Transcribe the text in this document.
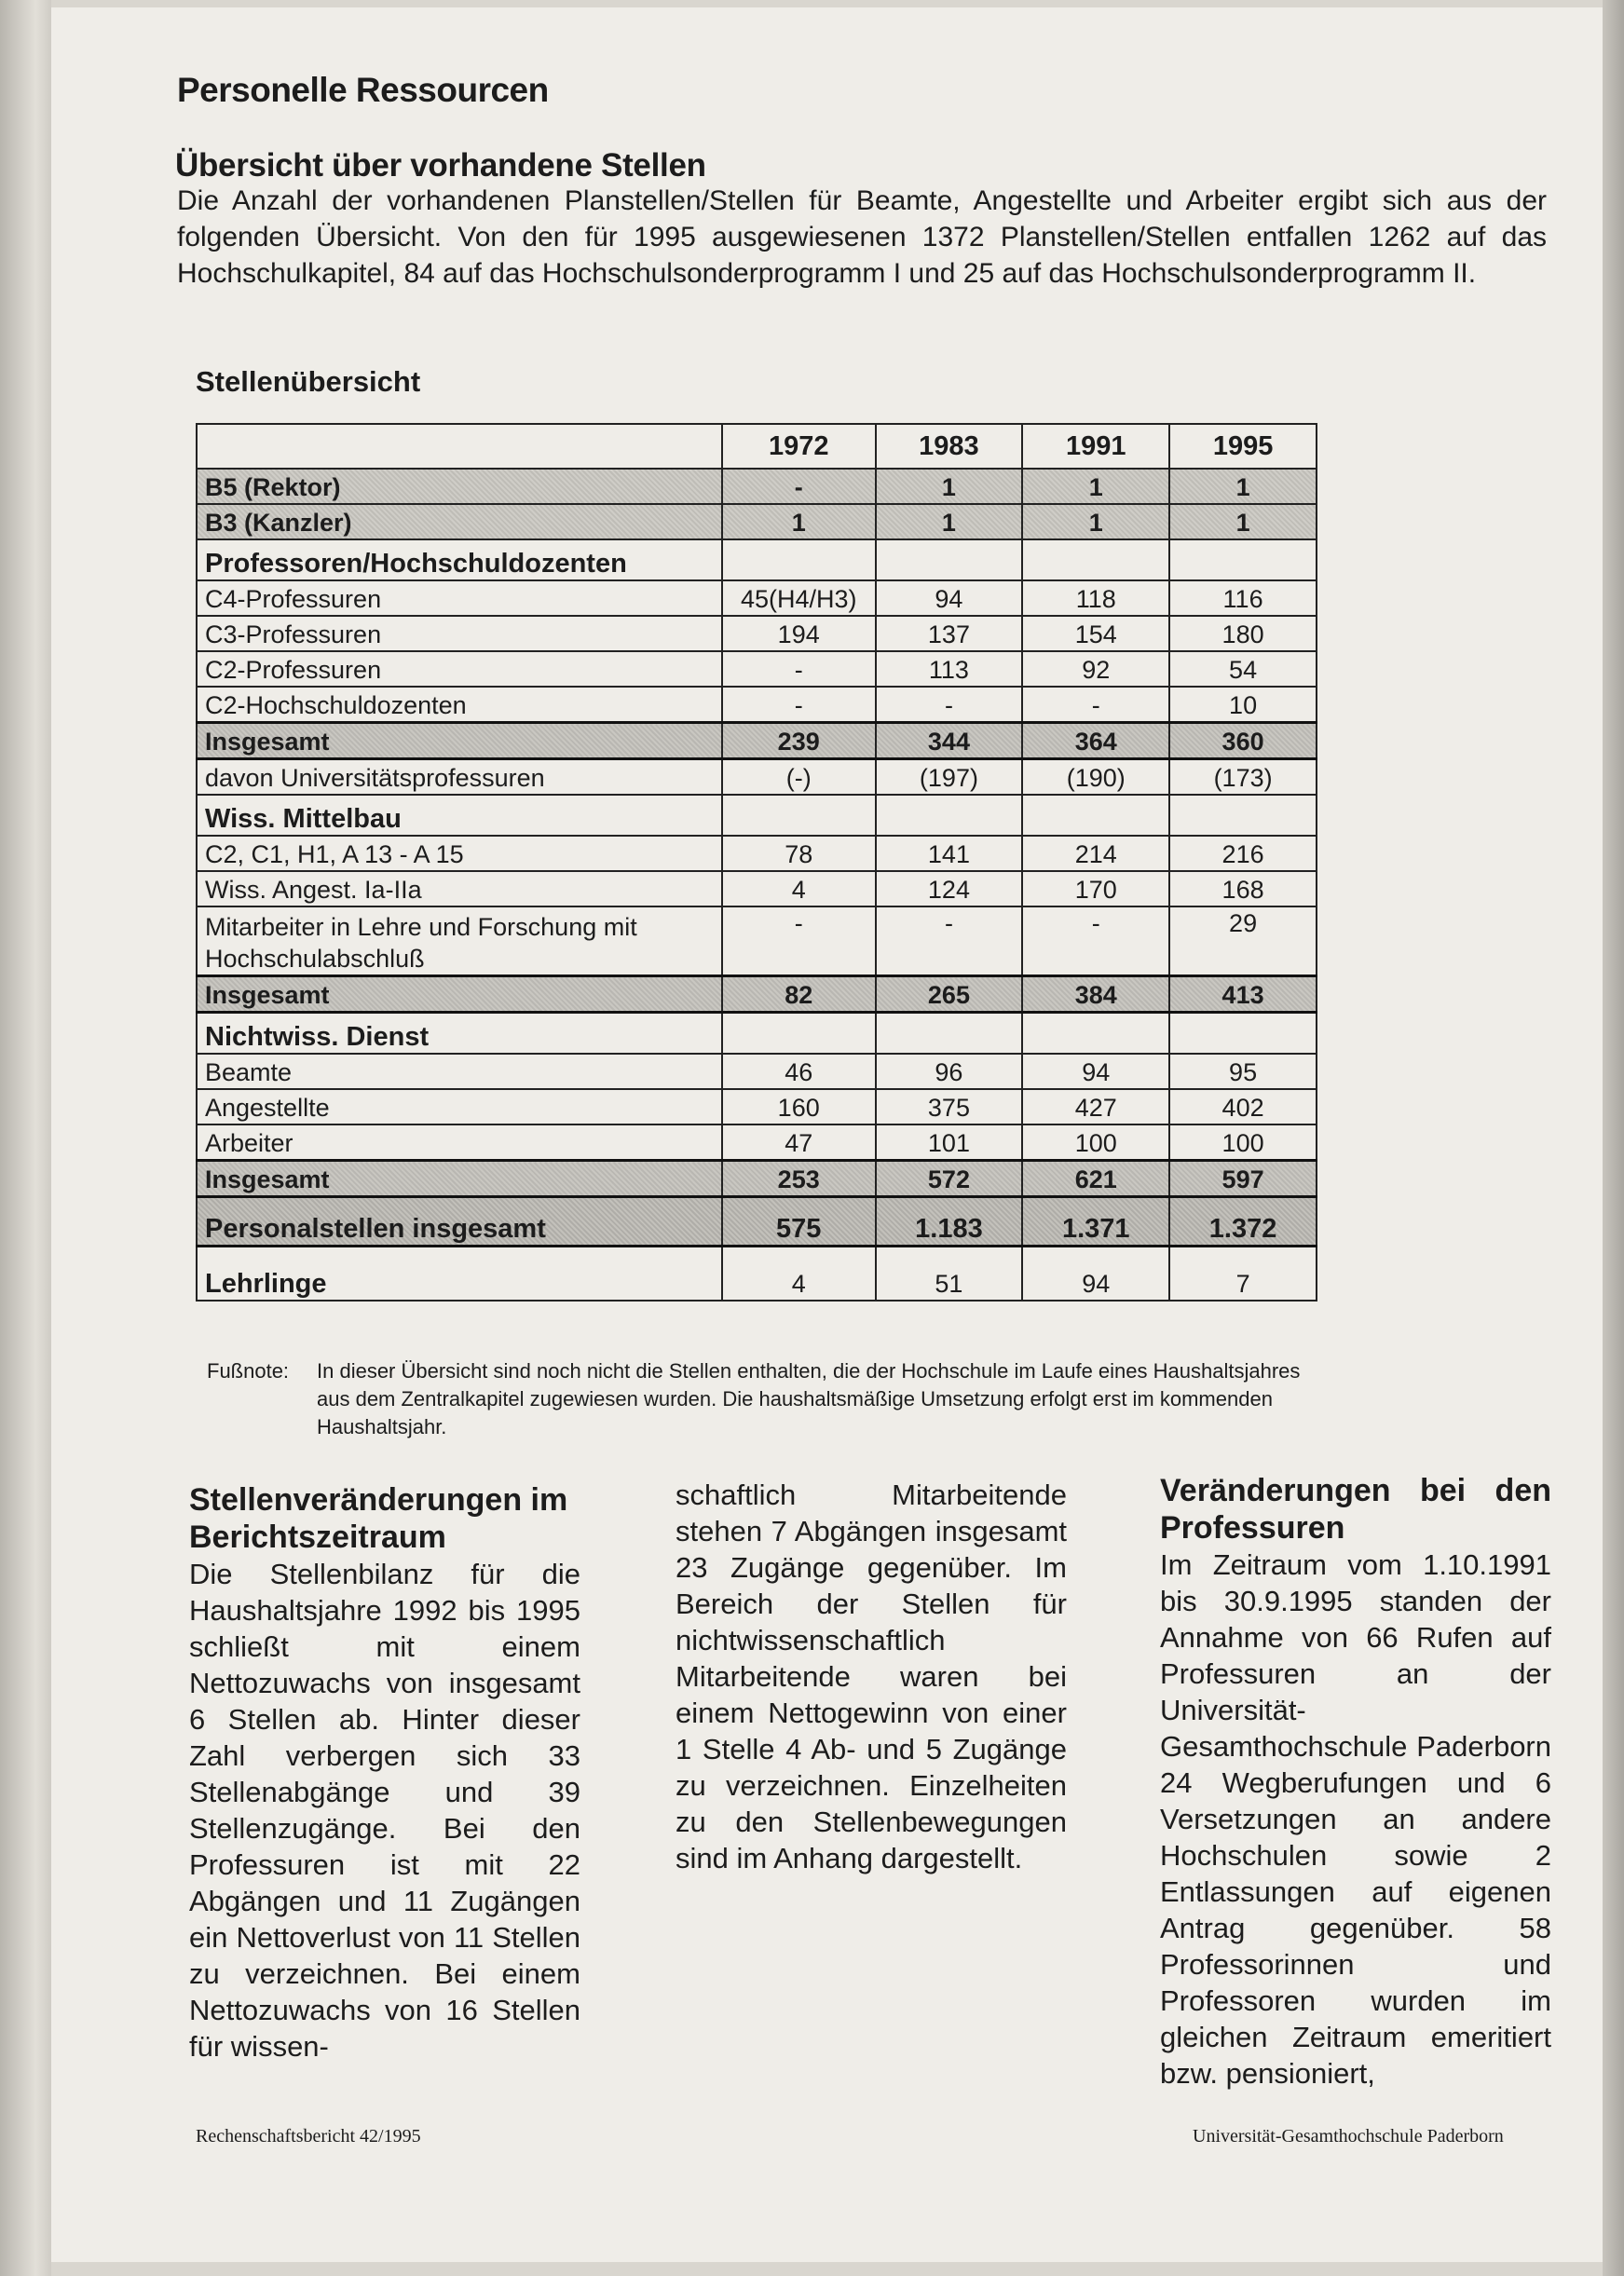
Personelle Ressourcen
Übersicht über vorhandene Stellen
Die Anzahl der vorhandenen Planstellen/Stellen für Beamte, Angestellte und Arbeiter ergibt sich aus der folgenden Übersicht. Von den für 1995 ausgewiesenen 1372 Planstellen/Stellen entfallen 1262 auf das Hochschulkapitel, 84 auf das Hochschulsonderprogramm I und 25 auf das Hochschulsonderprogramm II.
Stellenübersicht
	1972	1983	1991	1995
B5 (Rektor)	-	1	1	1
B3 (Kanzler)	1	1	1	1
Professoren/Hochschuldozenten				
C4-Professuren	45(H4/H3)	94	118	116
C3-Professuren	194	137	154	180
C2-Professuren	-	113	92	54
C2-Hochschuldozenten	-	-	-	10
Insgesamt	239	344	364	360
davon Universitätsprofessuren	(-)	(197)	(190)	(173)
Wiss. Mittelbau				
C2, C1, H1, A 13 - A 15	78	141	214	216
Wiss. Angest. Ia-IIa	4	124	170	168
Mitarbeiter in Lehre und Forschung mit Hochschulabschluß	-	-	-	29
Insgesamt	82	265	384	413
Nichtwiss. Dienst				
Beamte	46	96	94	95
Angestellte	160	375	427	402
Arbeiter	47	101	100	100
Insgesamt	253	572	621	597
Personalstellen insgesamt	575	1.183	1.371	1.372
Lehrlinge	4	51	94	7
Fußnote: In dieser Übersicht sind noch nicht die Stellen enthalten, die der Hochschule im Laufe eines Haushaltsjahres aus dem Zentralkapitel zugewiesen wurden. Die haushaltsmäßige Umsetzung erfolgt erst im kommenden Haushaltsjahr.
Stellenveränderungen im Berichtszeitraum
Die Stellenbilanz für die Haushaltsjahre 1992 bis 1995 schließt mit einem Nettozuwachs von insgesamt 6 Stellen ab. Hinter dieser Zahl verbergen sich 33 Stellenabgänge und 39 Stellenzugänge. Bei den Professuren ist mit 22 Abgängen und 11 Zugängen ein Nettoverlust von 11 Stellen zu verzeichnen. Bei einem Nettozuwachs von 16 Stellen für wissen-
schaftlich Mitarbeitende stehen 7 Abgängen insgesamt 23 Zugänge gegenüber. Im Bereich der Stellen für nichtwissenschaftlich Mitarbeitende waren bei einem Nettogewinn von einer 1 Stelle 4 Ab- und 5 Zugänge zu verzeichnen. Einzelheiten zu den Stellenbewegungen sind im Anhang dargestellt.
Veränderungen bei den Professuren
Im Zeitraum vom 1.10.1991 bis 30.9.1995 standen der Annahme von 66 Rufen auf Professuren an der Universität-Gesamthochschule Paderborn 24 Wegberufungen und 6 Versetzungen an andere Hochschulen sowie 2 Entlassungen auf eigenen Antrag gegenüber. 58 Professorinnen und Professoren wurden im gleichen Zeitraum emeritiert bzw. pensioniert,
Rechenschaftsbericht 42/1995	Universität-Gesamthochschule Paderborn
